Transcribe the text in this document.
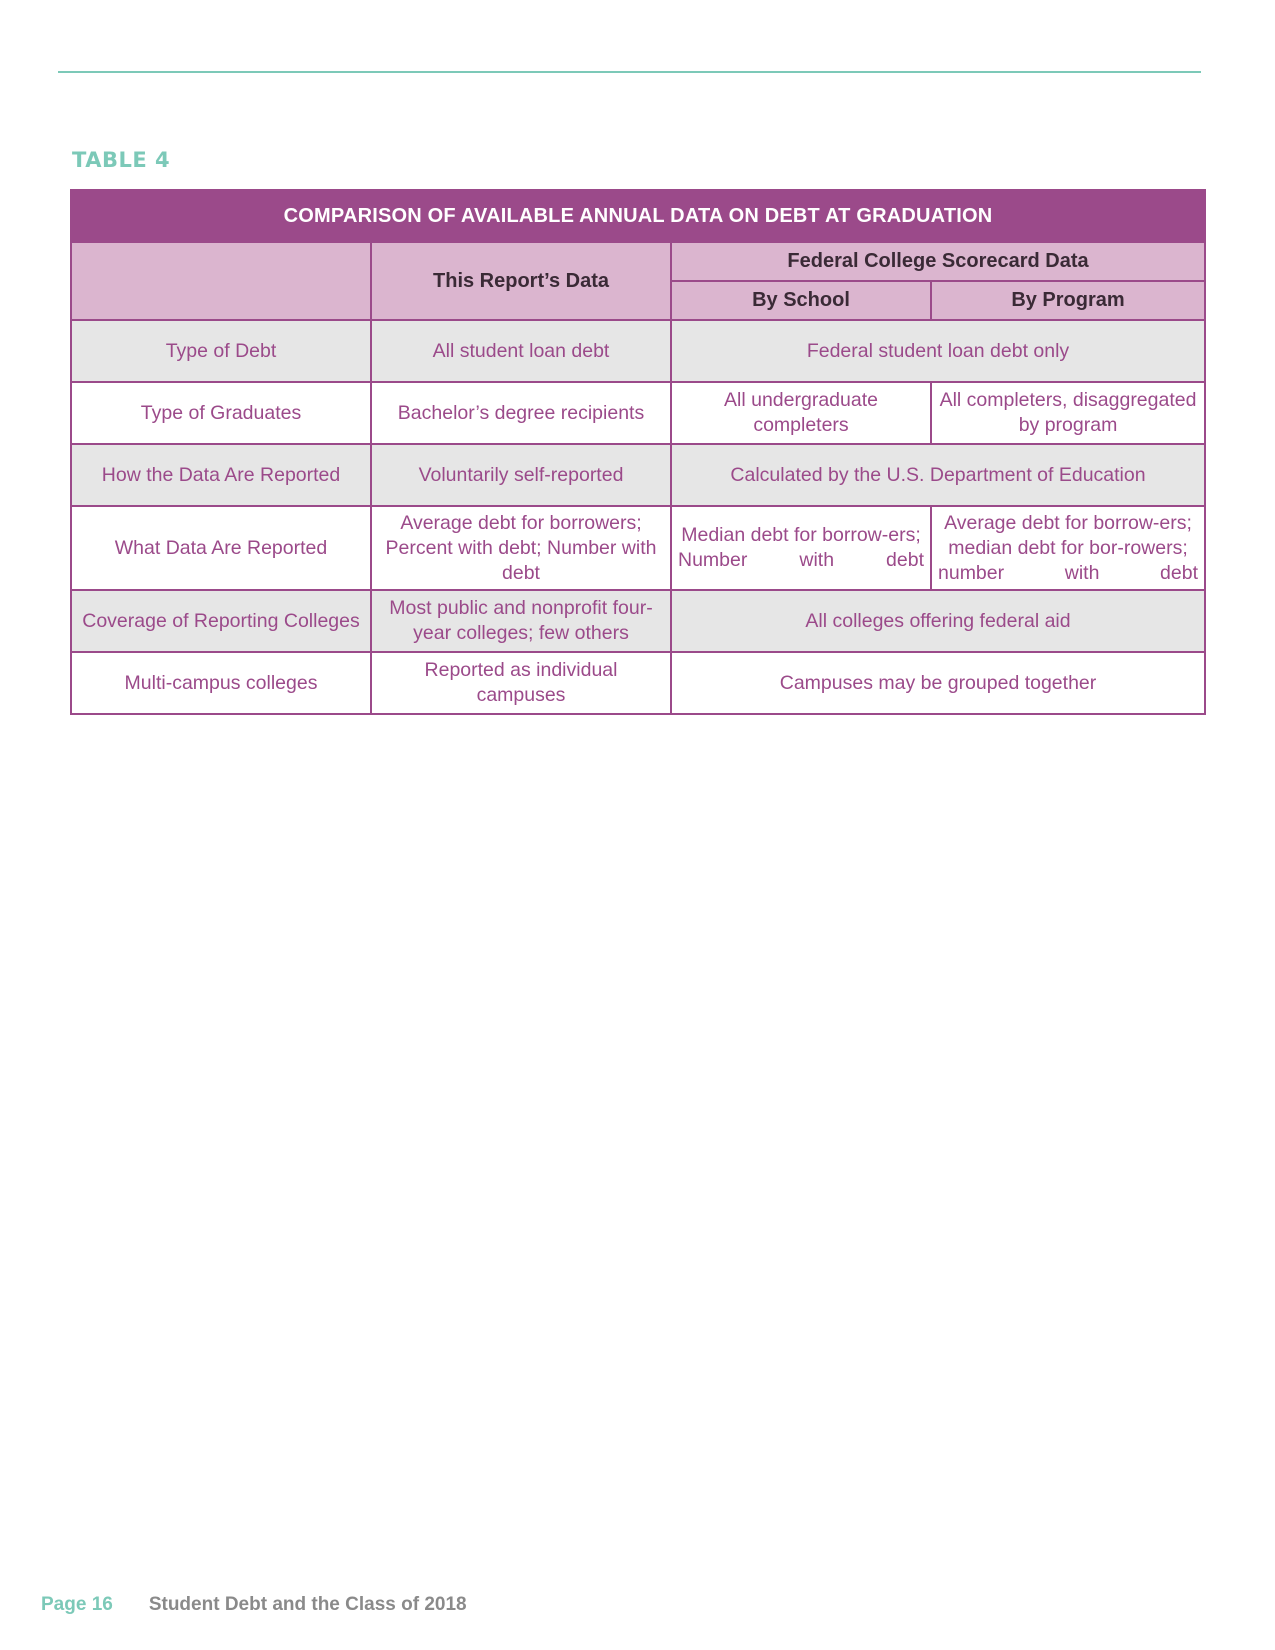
TABLE 4
COMPARISON OF AVAILABLE ANNUAL DATA ON DEBT AT GRADUATION			
	This Report’s Data	Federal College Scorecard Data	
		By School	By Program
Type of Debt	All student loan debt	Federal student loan debt only	
Type of Graduates	Bachelor’s degree recipients	All undergraduate completers	All completers, disaggregated by program
How the Data Are Reported	Voluntarily self-reported	Calculated by the U.S. Department of Education	
What Data Are Reported	Average debt for borrowers; Percent with debt; Number with debt	Median debt for borrow-ers; Number with debt	Average debt for borrow-ers; median debt for bor-rowers; number with debt
Coverage of Reporting Colleges	Most public and nonprofit four-year colleges; few others	All colleges offering federal aid	
Multi-campus colleges	Reported as individual campuses	Campuses may be grouped together	
Page 16 Student Debt and the Class of 2018
